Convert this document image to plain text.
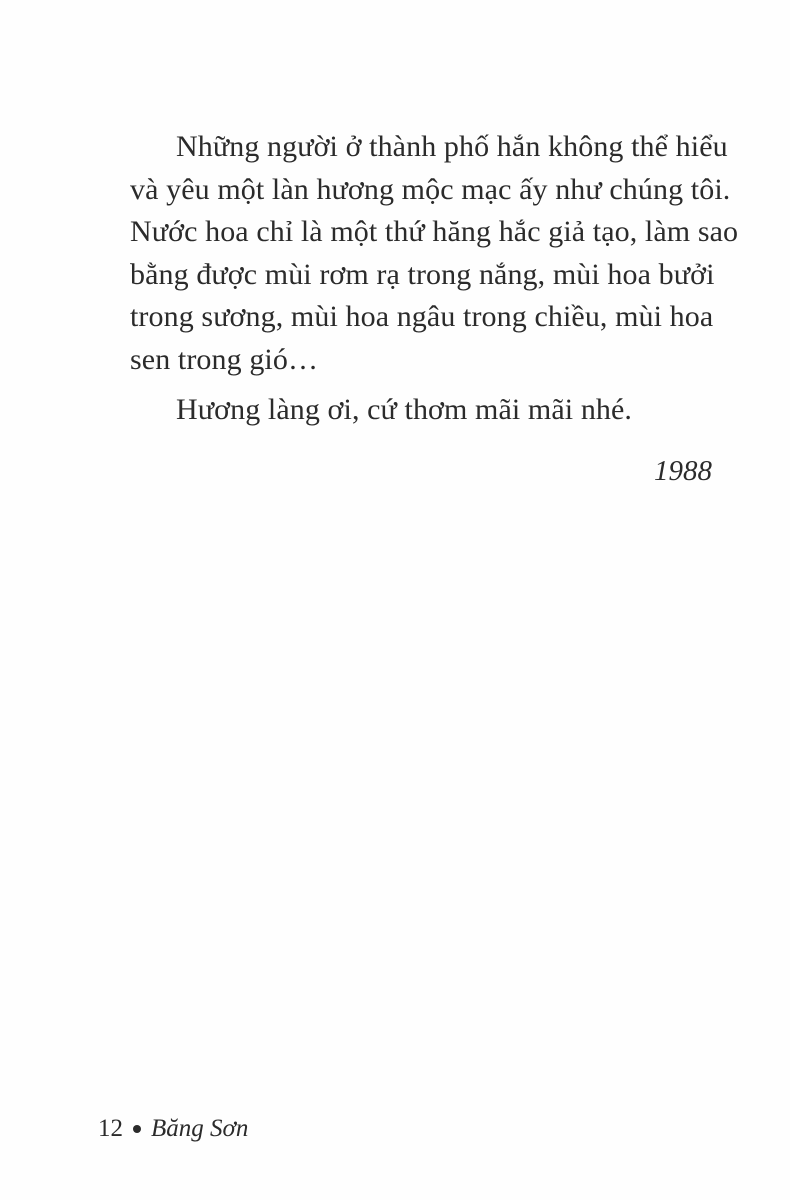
Những người ở thành phố hắn không thể hiểu
và yêu một làn hương mộc mạc ấy như chúng tôi.
Nước hoa chỉ là một thứ hăng hắc giả tạo, làm sao
bằng được mùi rơm rạ trong nắng, mùi hoa bưởi
trong sương, mùi hoa ngâu trong chiều, mùi hoa
sen trong gió…

Hương làng ơi, cứ thơm mãi mãi nhé.

1988
12 Băng Sơn
